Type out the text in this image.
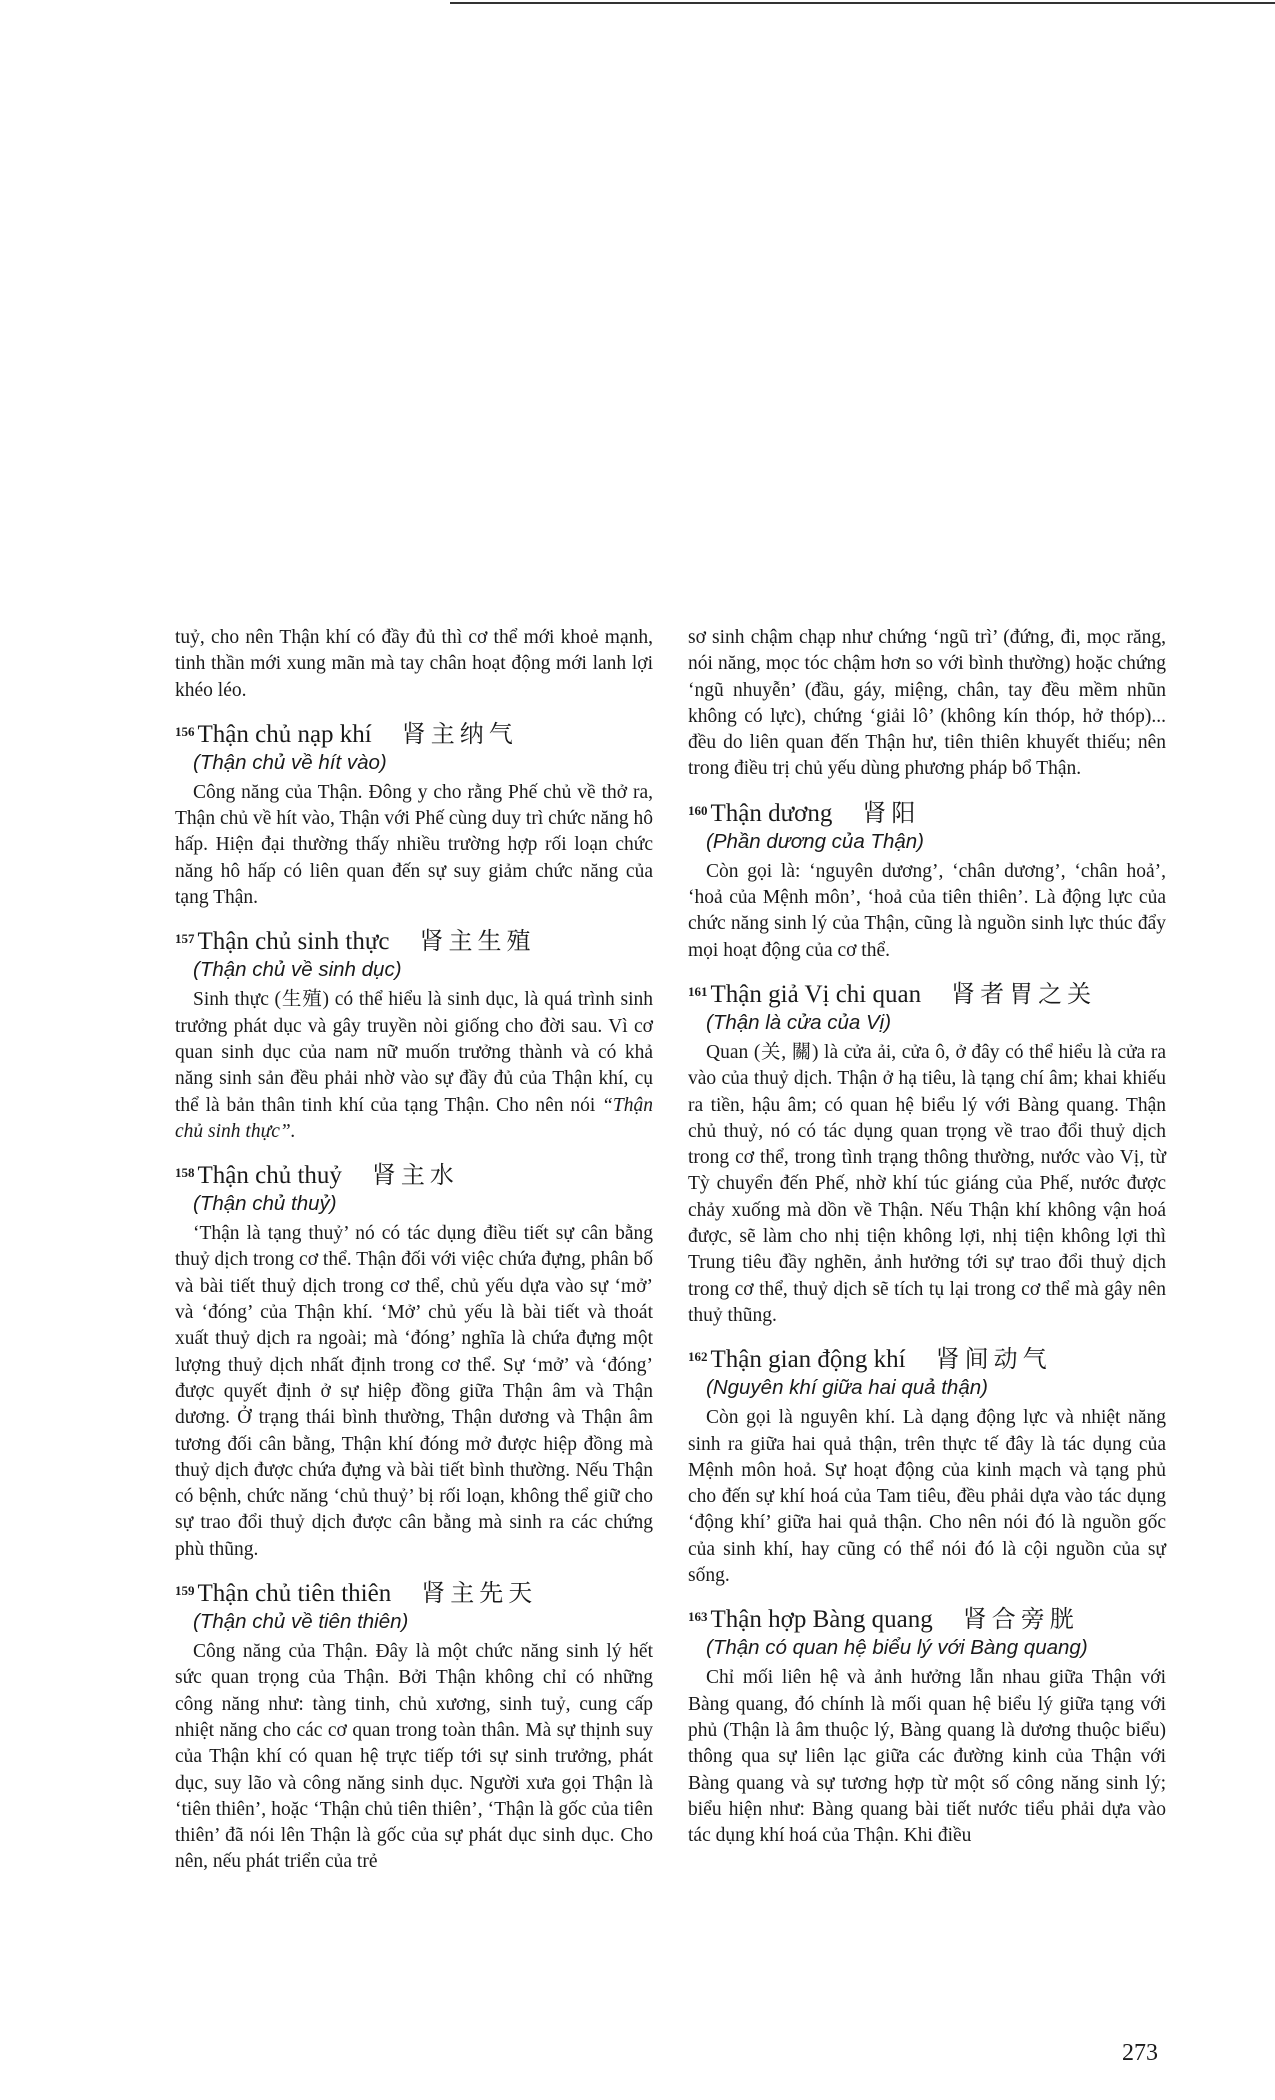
tuỷ, cho nên Thận khí có đầy đủ thì cơ thể mới khoẻ mạnh, tinh thần mới xung mãn mà tay chân hoạt động mới lanh lợi khéo léo.

156 Thận chủ nạp khí 肾主纳气
(Thận chủ về hít vào)

Công năng của Thận. Đông y cho rằng Phế chủ về thở ra, Thận chủ về hít vào, Thận với Phế cùng duy trì chức năng hô hấp. Hiện đại thường thấy nhiều trường hợp rối loạn chức năng hô hấp có liên quan đến sự suy giảm chức năng của tạng Thận.

157 Thận chủ sinh thực 肾主生殖
(Thận chủ về sinh dục)

Sinh thực (生殖) có thể hiểu là sinh dục, là quá trình sinh trưởng phát dục và gây truyền nòi giống cho đời sau. Vì cơ quan sinh dục của nam nữ muốn trưởng thành và có khả năng sinh sản đều phải nhờ vào sự đầy đủ của Thận khí, cụ thể là bản thân tinh khí của tạng Thận. Cho nên nói “Thận chủ sinh thực”.

158 Thận chủ thuỷ 肾主水
(Thận chủ thuỷ)

‘Thận là tạng thuỷ’ nó có tác dụng điều tiết sự cân bằng thuỷ dịch trong cơ thể. Thận đối với việc chứa đựng, phân bố và bài tiết thuỷ dịch trong cơ thể, chủ yếu dựa vào sự ‘mở’ và ‘đóng’ của Thận khí. ‘Mở’ chủ yếu là bài tiết và thoát xuất thuỷ dịch ra ngoài; mà ‘đóng’ nghĩa là chứa đựng một lượng thuỷ dịch nhất định trong cơ thể. Sự ‘mở’ và ‘đóng’ được quyết định ở sự hiệp đồng giữa Thận âm và Thận dương. Ở trạng thái bình thường, Thận dương và Thận âm tương đối cân bằng, Thận khí đóng mở được hiệp đồng mà thuỷ dịch được chứa đựng và bài tiết bình thường. Nếu Thận có bệnh, chức năng ‘chủ thuỷ’ bị rối loạn, không thể giữ cho sự trao đổi thuỷ dịch được cân bằng mà sinh ra các chứng phù thũng.

159 Thận chủ tiên thiên 肾主先天
(Thận chủ về tiên thiên)

Công năng của Thận. Đây là một chức năng sinh lý hết sức quan trọng của Thận. Bởi Thận không chỉ có những công năng như: tàng tinh, chủ xương, sinh tuỷ, cung cấp nhiệt năng cho các cơ quan trong toàn thân. Mà sự thịnh suy của Thận khí có quan hệ trực tiếp tới sự sinh trưởng, phát dục, suy lão và công năng sinh dục. Người xưa gọi Thận là ‘tiên thiên’, hoặc ‘Thận chủ tiên thiên’, ‘Thận là gốc của tiên thiên’ đã nói lên Thận là gốc của sự phát dục sinh dục. Cho nên, nếu phát triển của trẻ

sơ sinh chậm chạp như chứng ‘ngũ trì’ (đứng, đi, mọc răng, nói năng, mọc tóc chậm hơn so với bình thường) hoặc chứng ‘ngũ nhuyễn’ (đầu, gáy, miệng, chân, tay đều mềm nhũn không có lực), chứng ‘giải lô’ (không kín thóp, hở thóp)... đều do liên quan đến Thận hư, tiên thiên khuyết thiếu; nên trong điều trị chủ yếu dùng phương pháp bổ Thận.

160 Thận dương 肾阳
(Phần dương của Thận)

Còn gọi là: ‘nguyên dương’, ‘chân dương’, ‘chân hoả’, ‘hoả của Mệnh môn’, ‘hoả của tiên thiên’. Là động lực của chức năng sinh lý của Thận, cũng là nguồn sinh lực thúc đẩy mọi hoạt động của cơ thể.

161 Thận giả Vị chi quan 肾者胃之关
(Thận là cửa của Vị)

Quan (关, 關) là cửa ải, cửa ô, ở đây có thể hiểu là cửa ra vào của thuỷ dịch. Thận ở hạ tiêu, là tạng chí âm; khai khiếu ra tiền, hậu âm; có quan hệ biểu lý với Bàng quang. Thận chủ thuỷ, nó có tác dụng quan trọng về trao đổi thuỷ dịch trong cơ thể, trong tình trạng thông thường, nước vào Vị, từ Tỳ chuyển đến Phế, nhờ khí túc giáng của Phế, nước được chảy xuống mà dồn về Thận. Nếu Thận khí không vận hoá được, sẽ làm cho nhị tiện không lợi, nhị tiện không lợi thì Trung tiêu đầy nghẽn, ảnh hưởng tới sự trao đổi thuỷ dịch trong cơ thể, thuỷ dịch sẽ tích tụ lại trong cơ thể mà gây nên thuỷ thũng.

162 Thận gian động khí 肾间动气
(Nguyên khí giữa hai quả thận)

Còn gọi là nguyên khí. Là dạng động lực và nhiệt năng sinh ra giữa hai quả thận, trên thực tế đây là tác dụng của Mệnh môn hoả. Sự hoạt động của kinh mạch và tạng phủ cho đến sự khí hoá của Tam tiêu, đều phải dựa vào tác dụng ‘động khí’ giữa hai quả thận. Cho nên nói đó là nguồn gốc của sinh khí, hay cũng có thể nói đó là cội nguồn của sự sống.

163 Thận hợp Bàng quang 肾合旁胱
(Thận có quan hệ biểu lý với Bàng quang)

Chỉ mối liên hệ và ảnh hưởng lẫn nhau giữa Thận với Bàng quang, đó chính là mối quan hệ biểu lý giữa tạng với phủ (Thận là âm thuộc lý, Bàng quang là dương thuộc biểu) thông qua sự liên lạc giữa các đường kinh của Thận với Bàng quang và sự tương hợp từ một số công năng sinh lý; biểu hiện như: Bàng quang bài tiết nước tiểu phải dựa vào tác dụng khí hoá của Thận. Khi điều

273
